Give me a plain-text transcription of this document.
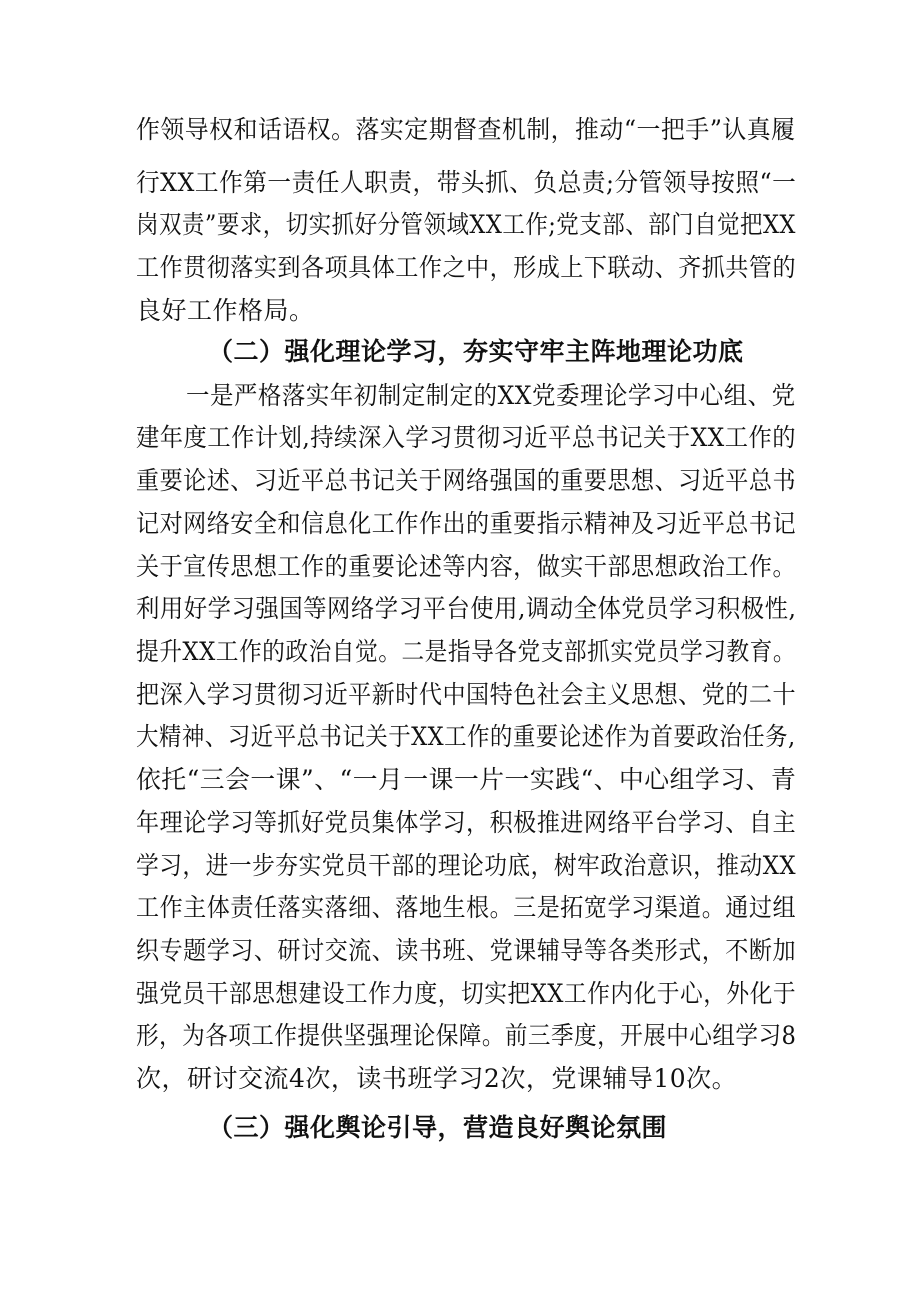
作领导权和话语权。落实定期督查机制，推动“一把手”认真履
行XX工作第一责任人职责，带头抓、负总责;分管领导按照“一
岗双责”要求，切实抓好分管领域XX工作;党支部、部门自觉把XX
工作贯彻落实到各项具体工作之中，形成上下联动、齐抓共管的
良好工作格局。
（二）强化理论学习，夯实守牢主阵地理论功底
一是严格落实年初制定制定的XX党委理论学习中心组、党
建年度工作计划,持续深入学习贯彻习近平总书记关于XX工作的
重要论述、习近平总书记关于网络强国的重要思想、习近平总书
记对网络安全和信息化工作作出的重要指示精神及习近平总书记
关于宣传思想工作的重要论述等内容，做实干部思想政治工作。
利用好学习强国等网络学习平台使用,调动全体党员学习积极性,
提升XX工作的政治自觉。二是指导各党支部抓实党员学习教育。
把深入学习贯彻习近平新时代中国特色社会主义思想、党的二十
大精神、习近平总书记关于XX工作的重要论述作为首要政治任务,
依托“三会一课”、“一月一课一片一实践“、中心组学习、青
年理论学习等抓好党员集体学习，积极推进网络平台学习、自主
学习，进一步夯实党员干部的理论功底，树牢政治意识，推动XX
工作主体责任落实落细、落地生根。三是拓宽学习渠道。通过组
织专题学习、研讨交流、读书班、党课辅导等各类形式，不断加
强党员干部思想建设工作力度，切实把XX工作内化于心，外化于
形，为各项工作提供坚强理论保障。前三季度，开展中心组学习8
次，研讨交流4次，读书班学习2次，党课辅导10次。
（三）强化舆论引导，营造良好舆论氛围
